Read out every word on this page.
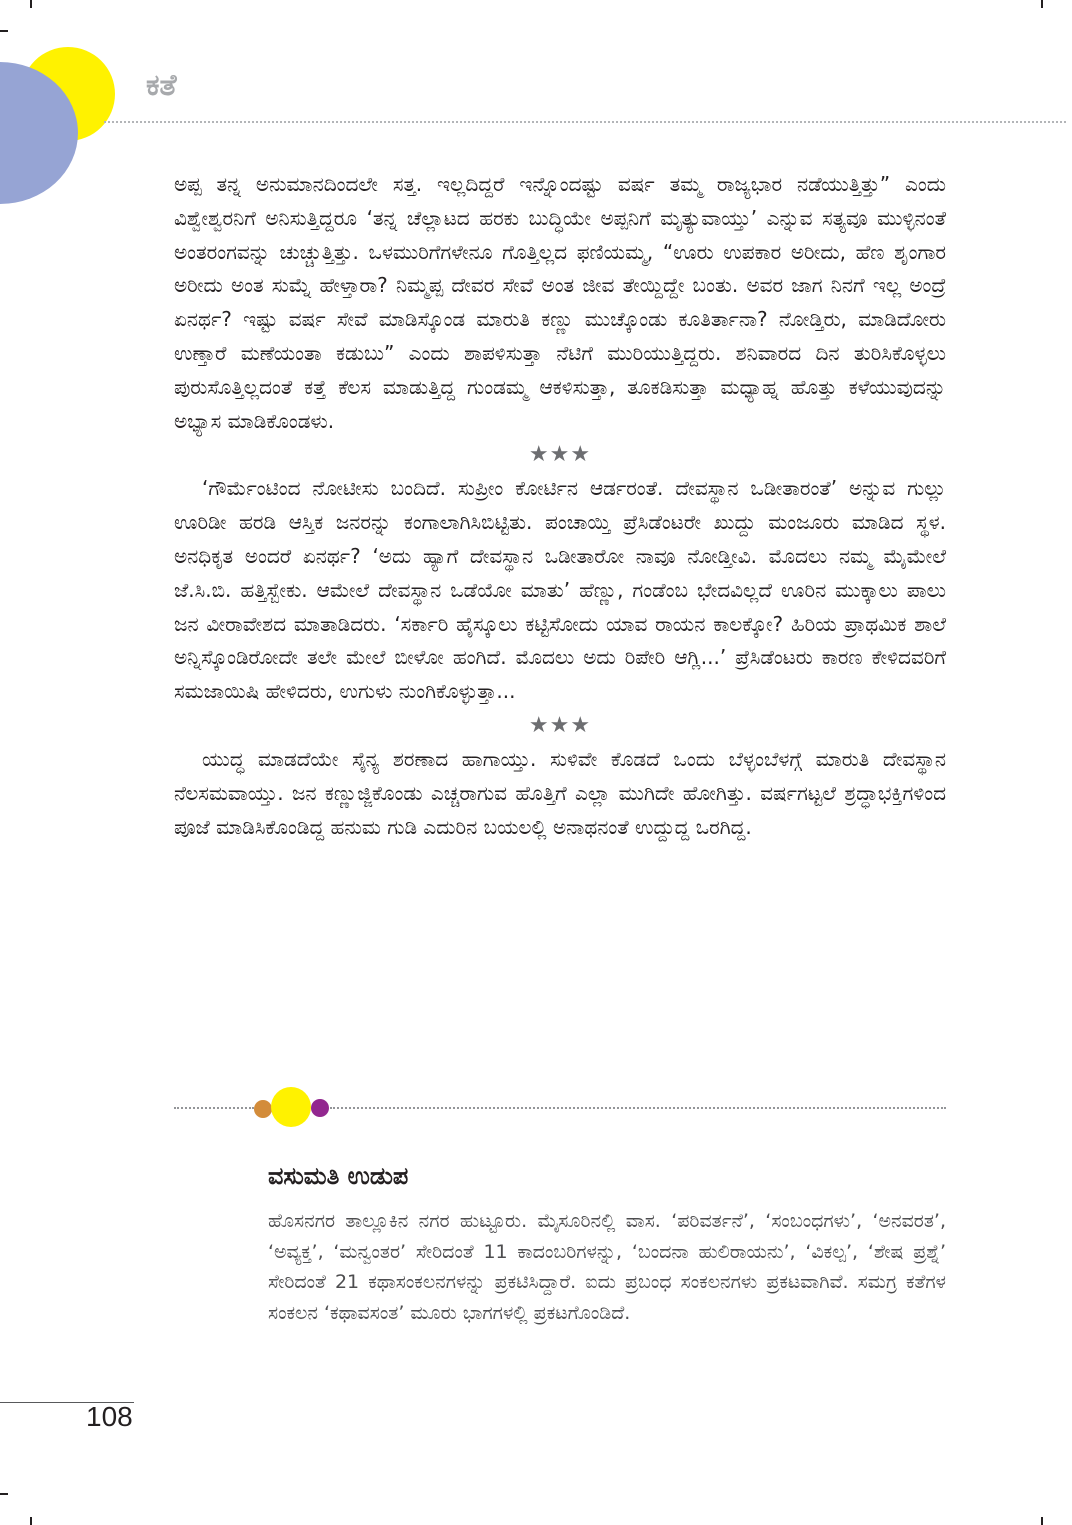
ಕತೆ

ಅಪ್ಪ ತನ್ನ ಅನುಮಾನದಿಂದಲೇ ಸತ್ತ. ಇಲ್ಲದಿದ್ದರೆ ಇನ್ನೊಂದಷ್ಟು ವರ್ಷ ತಮ್ಮ ರಾಜ್ಯಭಾರ ನಡೆಯುತ್ತಿತ್ತು” ಎಂದು ವಿಶ್ವೇಶ್ವರನಿಗೆ ಅನಿಸುತ್ತಿದ್ದರೂ ‘ತನ್ನ ಚೆಲ್ಲಾಟದ ಹರಕು ಬುದ್ಧಿಯೇ ಅಪ್ಪನಿಗೆ ಮೃತ್ಯುವಾಯ್ತು’ ಎನ್ನುವ ಸತ್ಯವೂ ಮುಳ್ಳಿನಂತೆ ಅಂತರಂಗವನ್ನು ಚುಚ್ಚುತ್ತಿತ್ತು. ಒಳಮುರಿಗೆಗಳೇನೂ ಗೊತ್ತಿಲ್ಲದ ಫಣಿಯಮ್ಮ, “ಊರು ಉಪಕಾರ ಅರೀದು, ಹೆಣ ಶೃಂಗಾರ ಅರೀದು ಅಂತ ಸುಮ್ನೆ ಹೇಳ್ತಾರಾ? ನಿಮ್ಮಪ್ಪ ದೇವರ ಸೇವೆ ಅಂತ ಜೀವ ತೇಯ್ದಿದ್ದೇ ಬಂತು. ಅವರ ಜಾಗ ನಿನಗೆ ಇಲ್ಲ ಅಂದ್ರೆ ಏನರ್ಥ? ಇಷ್ಟು ವರ್ಷ ಸೇವೆ ಮಾಡಿಸ್ಕೊಂಡ ಮಾರುತಿ ಕಣ್ಣು ಮುಚ್ಕೊಂಡು ಕೂತಿರ್ತಾನಾ? ನೋಡ್ತಿರು, ಮಾಡಿದೋರು ಉಣ್ತಾರೆ ಮಣೆಯಂತಾ ಕಡುಬು” ಎಂದು ಶಾಪಳಿಸುತ್ತಾ ನೆಟಿಗೆ ಮುರಿಯುತ್ತಿದ್ದರು. ಶನಿವಾರದ ದಿನ ತುರಿಸಿಕೊಳ್ಳಲು ಪುರುಸೊತ್ತಿಲ್ಲದಂತೆ ಕತ್ತೆ ಕೆಲಸ ಮಾಡುತ್ತಿದ್ದ ಗುಂಡಮ್ಮ ಆಕಳಿಸುತ್ತಾ, ತೂಕಡಿಸುತ್ತಾ ಮಧ್ಯಾಹ್ನ ಹೊತ್ತು ಕಳೆಯುವುದನ್ನು ಅಭ್ಯಾಸ ಮಾಡಿಕೊಂಡಳು.

★★★

‘ಗೌರ್ಮೆಂಟಿಂದ ನೋಟೀಸು ಬಂದಿದೆ. ಸುಪ್ರೀಂ ಕೋರ್ಟಿನ ಆರ್ಡರಂತೆ. ದೇವಸ್ಥಾನ ಒಡೀತಾರಂತೆ’ ಅನ್ನುವ ಗುಲ್ಲು ಊರಿಡೀ ಹರಡಿ ಆಸ್ತಿಕ ಜನರನ್ನು ಕಂಗಾಲಾಗಿಸಿಬಿಟ್ಟಿತು. ಪಂಚಾಯ್ತಿ ಪ್ರೆಸಿಡೆಂಟರೇ ಖುದ್ದು ಮಂಜೂರು ಮಾಡಿದ ಸ್ಥಳ. ಅನಧಿಕೃತ ಅಂದರೆ ಏನರ್ಥ? ‘ಅದು ಹ್ಯಾಗೆ ದೇವಸ್ಥಾನ ಒಡೀತಾರೋ ನಾವೂ ನೋಡ್ತೀವಿ. ಮೊದಲು ನಮ್ಮ ಮೈಮೇಲೆ ಜೆ.ಸಿ.ಬಿ. ಹತ್ತಿಸ್ಬೇಕು. ಆಮೇಲೆ ದೇವಸ್ಥಾನ ಒಡೆಯೋ ಮಾತು’ ಹೆಣ್ಣು, ಗಂಡೆಂಬ ಭೇದವಿಲ್ಲದೆ ಊರಿನ ಮುಕ್ಕಾಲು ಪಾಲು ಜನ ವೀರಾವೇಶದ ಮಾತಾಡಿದರು. ‘ಸರ್ಕಾರಿ ಹೈಸ್ಕೂಲು ಕಟ್ಟಿಸೋದು ಯಾವ ರಾಯನ ಕಾಲಕ್ಕೋ? ಹಿರಿಯ ಪ್ರಾಥಮಿಕ ಶಾಲೆ ಅನ್ನಿಸ್ಕೊಂಡಿರೋದೇ ತಲೇ ಮೇಲೆ ಬೀಳೋ ಹಂಗಿದೆ. ಮೊದಲು ಅದು ರಿಪೇರಿ ಆಗ್ಲಿ...’ ಪ್ರೆಸಿಡೆಂಟರು ಕಾರಣ ಕೇಳಿದವರಿಗೆ ಸಮಜಾಯಿಷಿ ಹೇಳಿದರು, ಉಗುಳು ನುಂಗಿಕೊಳ್ಳುತ್ತಾ...

★★★

ಯುದ್ಧ ಮಾಡದೆಯೇ ಸೈನ್ಯ ಶರಣಾದ ಹಾಗಾಯ್ತು. ಸುಳಿವೇ ಕೊಡದೆ ಒಂದು ಬೆಳ್ಳಂಬೆಳಗ್ಗೆ ಮಾರುತಿ ದೇವಸ್ಥಾನ ನೆಲಸಮವಾಯ್ತು. ಜನ ಕಣ್ಣುಜ್ಜಿಕೊಂಡು ಎಚ್ಚರಾಗುವ ಹೊತ್ತಿಗೆ ಎಲ್ಲಾ ಮುಗಿದೇ ಹೋಗಿತ್ತು. ವರ್ಷಗಟ್ಟಲೆ ಶ್ರದ್ಧಾಭಕ್ತಿಗಳಿಂದ ಪೂಜೆ ಮಾಡಿಸಿಕೊಂಡಿದ್ದ ಹನುಮ ಗುಡಿ ಎದುರಿನ ಬಯಲಲ್ಲಿ ಅನಾಥನಂತೆ ಉದ್ದುದ್ದ ಒರಗಿದ್ದ.

ವಸುಮತಿ ಉಡುಪ

ಹೊಸನಗರ ತಾಲ್ಲೂಕಿನ ನಗರ ಹುಟ್ಟೂರು. ಮೈಸೂರಿನಲ್ಲಿ ವಾಸ. ‘ಪರಿವರ್ತನೆ’, ‘ಸಂಬಂಧಗಳು’, ‘ಅನವರತ’, ‘ಅವ್ಯಕ್ತ’, ‘ಮನ್ವಂತರ’ ಸೇರಿದಂತೆ 11 ಕಾದಂಬರಿಗಳನ್ನು, ‘ಬಂದನಾ ಹುಲಿರಾಯನು’, ‘ವಿಕಲ್ಪ’, ‘ಶೇಷ ಪ್ರಶ್ನೆ’ ಸೇರಿದಂತೆ 21 ಕಥಾಸಂಕಲನಗಳನ್ನು ಪ್ರಕಟಿಸಿದ್ದಾರೆ. ಐದು ಪ್ರಬಂಧ ಸಂಕಲನಗಳು ಪ್ರಕಟವಾಗಿವೆ. ಸಮಗ್ರ ಕತೆಗಳ ಸಂಕಲನ ‘ಕಥಾವಸಂತ’ ಮೂರು ಭಾಗಗಳಲ್ಲಿ ಪ್ರಕಟಗೊಂಡಿದೆ.

108
